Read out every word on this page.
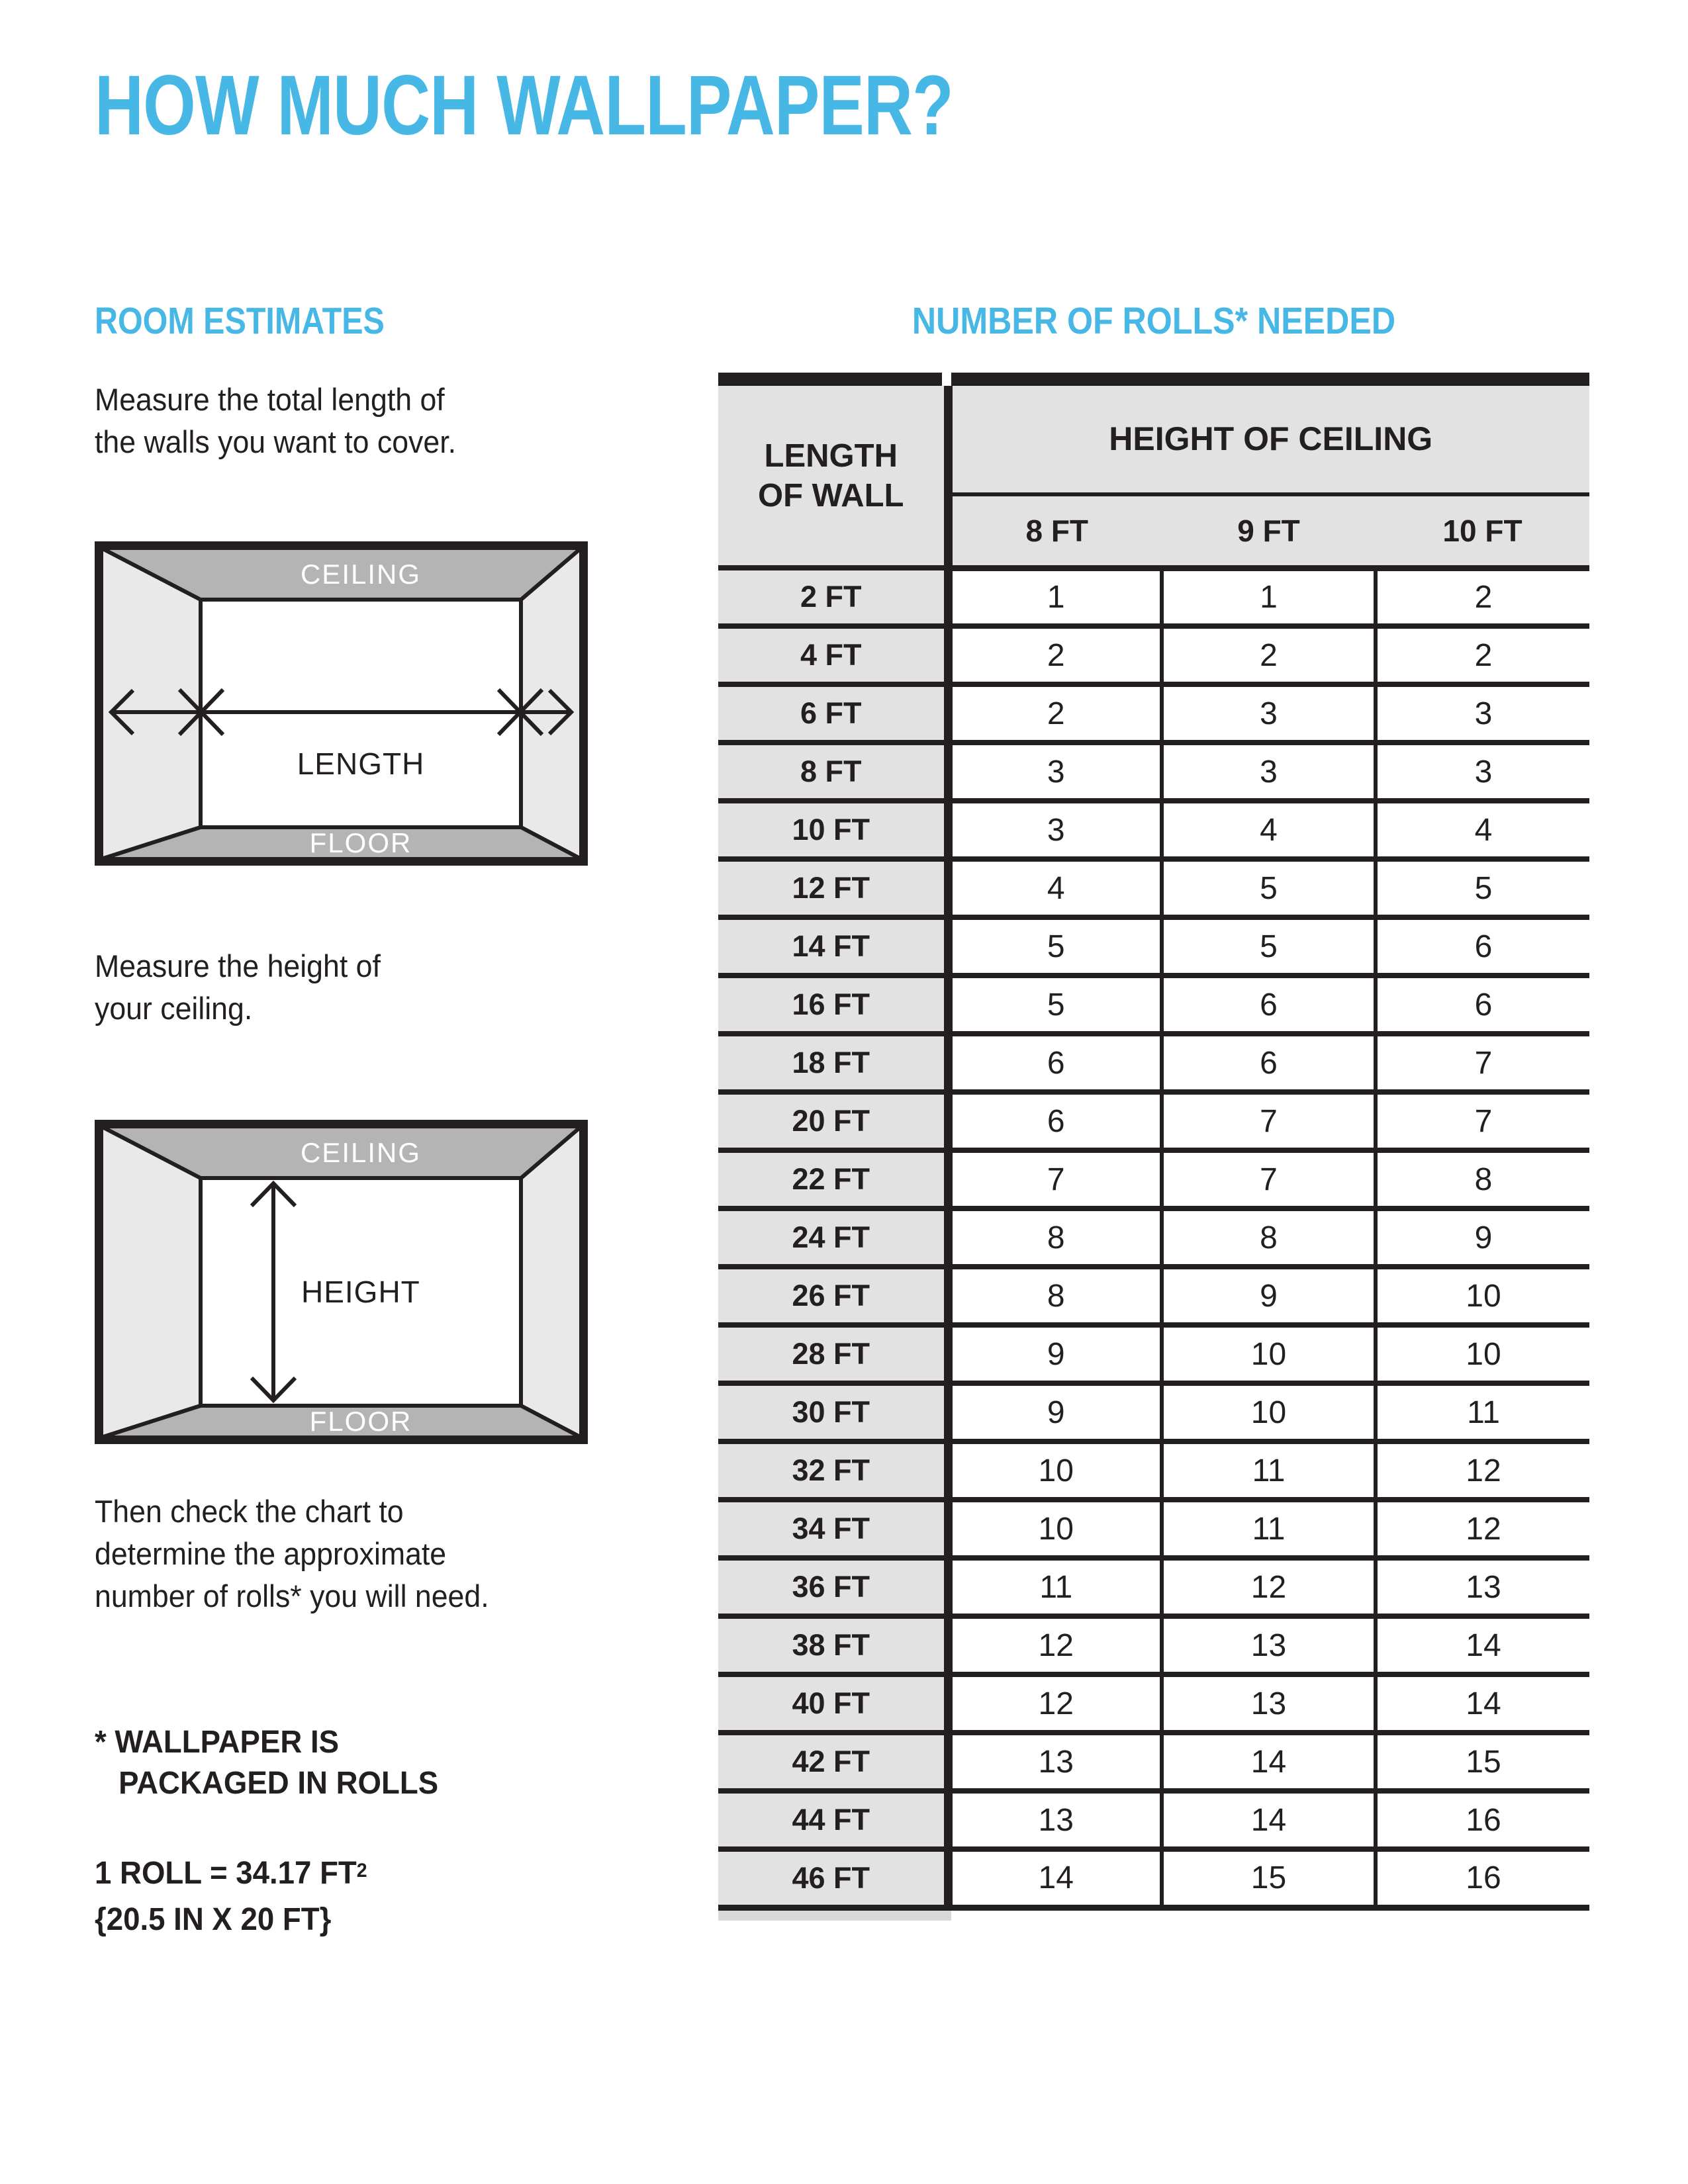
HOW MUCH WALLPAPER?
ROOM ESTIMATES

Measure the total length of
the walls you want to cover.

CEILING
FLOOR
LENGTH

Measure the height of
your ceiling.

CEILING
FLOOR
HEIGHT

Then check the chart to
determine the approximate
number of rolls* you will need.

* WALLPAPER IS
PACKAGED IN ROLLS

1 ROLL = 34.17 $FT^2$
{20.5 IN X 20 FT}

NUMBER OF ROLLS* NEEDED
LENGTH
OF WALL	HEIGHT OF CEILING		
	8 FT	9 FT	10 FT
2 FT	1	1	2
4 FT	2	2	2
6 FT	2	3	3
8 FT	3	3	3
10 FT	3	4	4
12 FT	4	5	5
14 FT	5	5	6
16 FT	5	6	6
18 FT	6	6	7
20 FT	6	7	7
22 FT	7	7	8
24 FT	8	8	9
26 FT	8	9	10
28 FT	9	10	10
30 FT	9	10	11
32 FT	10	11	12
34 FT	10	11	12
36 FT	11	12	13
38 FT	12	13	14
40 FT	12	13	14
42 FT	13	14	15
44 FT	13	14	16
46 FT	14	15	16
